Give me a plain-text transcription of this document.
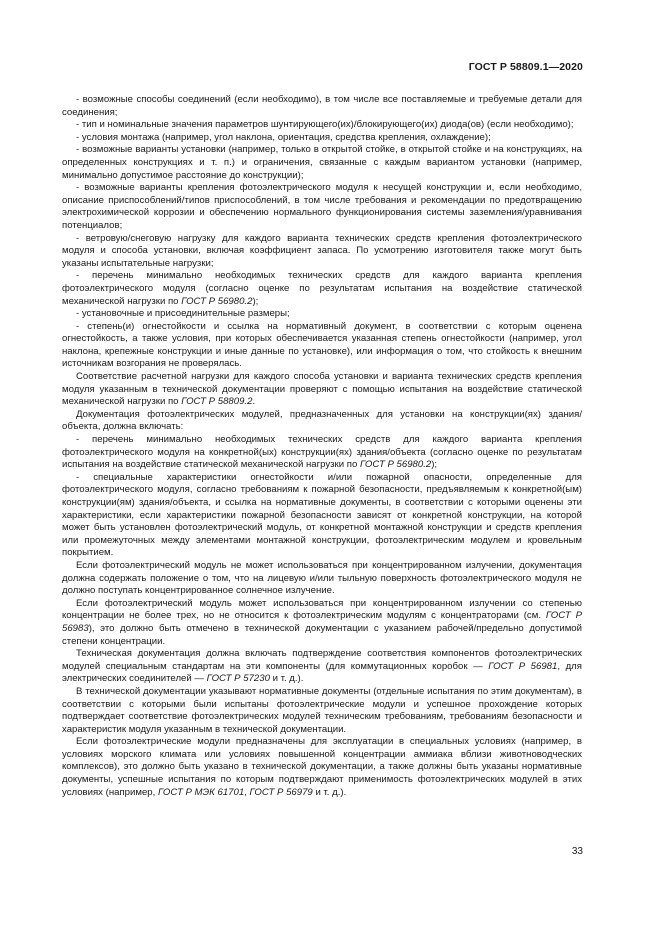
ГОСТ Р 58809.1—2020

- возможные способы соединений (если необходимо), в том числе все поставляемые и требуемые детали для соединения;

- тип и номинальные значения параметров шунтирующего(их)/блокирующего(их) диода(ов) (если необходимо);

- условия монтажа (например, угол наклона, ориентация, средства крепления, охлаждение);

- возможные варианты установки (например, только в открытой стойке, в открытой стойке и на конструкциях, на определенных конструкциях и т. п.) и ограничения, связанные с каждым вариантом установки (например, минимально допустимое расстояние до конструкции);

- возможные варианты крепления фотоэлектрического модуля к несущей конструкции и, если необходимо, описание приспособлений/типов приспособлений, в том числе требования и рекомендации по предотвращению электрохимической коррозии и обеспечению нормального функционирования системы заземления/уравнивания потенциалов;

- ветровую/снеговую нагрузку для каждого варианта технических средств крепления фотоэлектрического модуля и способа установки, включая коэффициент запаса. По усмотрению изготовителя также могут быть указаны испытательные нагрузки;

- перечень минимально необходимых технических средств для каждого варианта крепления фотоэлектрического модуля (согласно оценке по результатам испытания на воздействие статической механической нагрузки по ГОСТ Р 56980.2);

- установочные и присоединительные размеры;

- степень(и) огнестойкости и ссылка на нормативный документ, в соответствии с которым оценена огнестойкость, а также условия, при которых обеспечивается указанная степень огнестойкости (например, угол наклона, крепежные конструкции и иные данные по установке), или информация о том, что стойкость к внешним источникам возгорания не проверялась.

Соответствие расчетной нагрузки для каждого способа установки и варианта технических средств крепления модуля указанным в технической документации проверяют с помощью испытания на воздействие статической механической нагрузки по ГОСТ Р 58809.2.

Документация фотоэлектрических модулей, предназначенных для установки на конструкции(ях) здания/объекта, должна включать:

- перечень минимально необходимых технических средств для каждого варианта крепления фотоэлектрического модуля на конкретной(ых) конструкции(ях) здания/объекта (согласно оценке по результатам испытания на воздействие статической механической нагрузки по ГОСТ Р 56980.2);

- специальные характеристики огнестойкости и/или пожарной опасности, определенные для фотоэлектрического модуля, согласно требованиям к пожарной безопасности, предъявляемым к конкретной(ым) конструкции(ям) здания/объекта, и ссылка на нормативные документы, в соответствии с которыми оценены эти характеристики, если характеристики пожарной безопасности зависят от конкретной конструкции, на которой может быть установлен фотоэлектрический модуль, от конкретной монтажной конструкции и средств крепления или промежуточных между элементами монтажной конструкции, фотоэлектрическим модулем и кровельным покрытием.

Если фотоэлектрический модуль не может использоваться при концентрированном излучении, документация должна содержать положение о том, что на лицевую и/или тыльную поверхность фотоэлектрического модуля не должно поступать концентрированное солнечное излучение.

Если фотоэлектрический модуль может использоваться при концентрированном излучении со степенью концентрации не более трех, но не относится к фотоэлектрическим модулям с концентраторами (см. ГОСТ Р 56983), это должно быть отмечено в технической документации с указанием рабочей/предельно допустимой степени концентрации.

Техническая документация должна включать подтверждение соответствия компонентов фотоэлектрических модулей специальным стандартам на эти компоненты (для коммутационных коробок — ГОСТ Р 56981, для электрических соединителей — ГОСТ Р 57230 и т. д.).

В технической документации указывают нормативные документы (отдельные испытания по этим документам), в соответствии с которыми были испытаны фотоэлектрические модули и успешное прохождение которых подтверждает соответствие фотоэлектрических модулей техническим требованиям, требованиям безопасности и характеристик модуля указанным в технической документации.

Если фотоэлектрические модули предназначены для эксплуатации в специальных условиях (например, в условиях морского климата или условиях повышенной концентрации аммиака вблизи животноводческих комплексов), это должно быть указано в технической документации, а также должны быть указаны нормативные документы, успешные испытания по которым подтверждают применимость фотоэлектрических модулей в этих условиях (например, ГОСТ Р МЭК 61701, ГОСТ Р 56979 и т. д.).

33
